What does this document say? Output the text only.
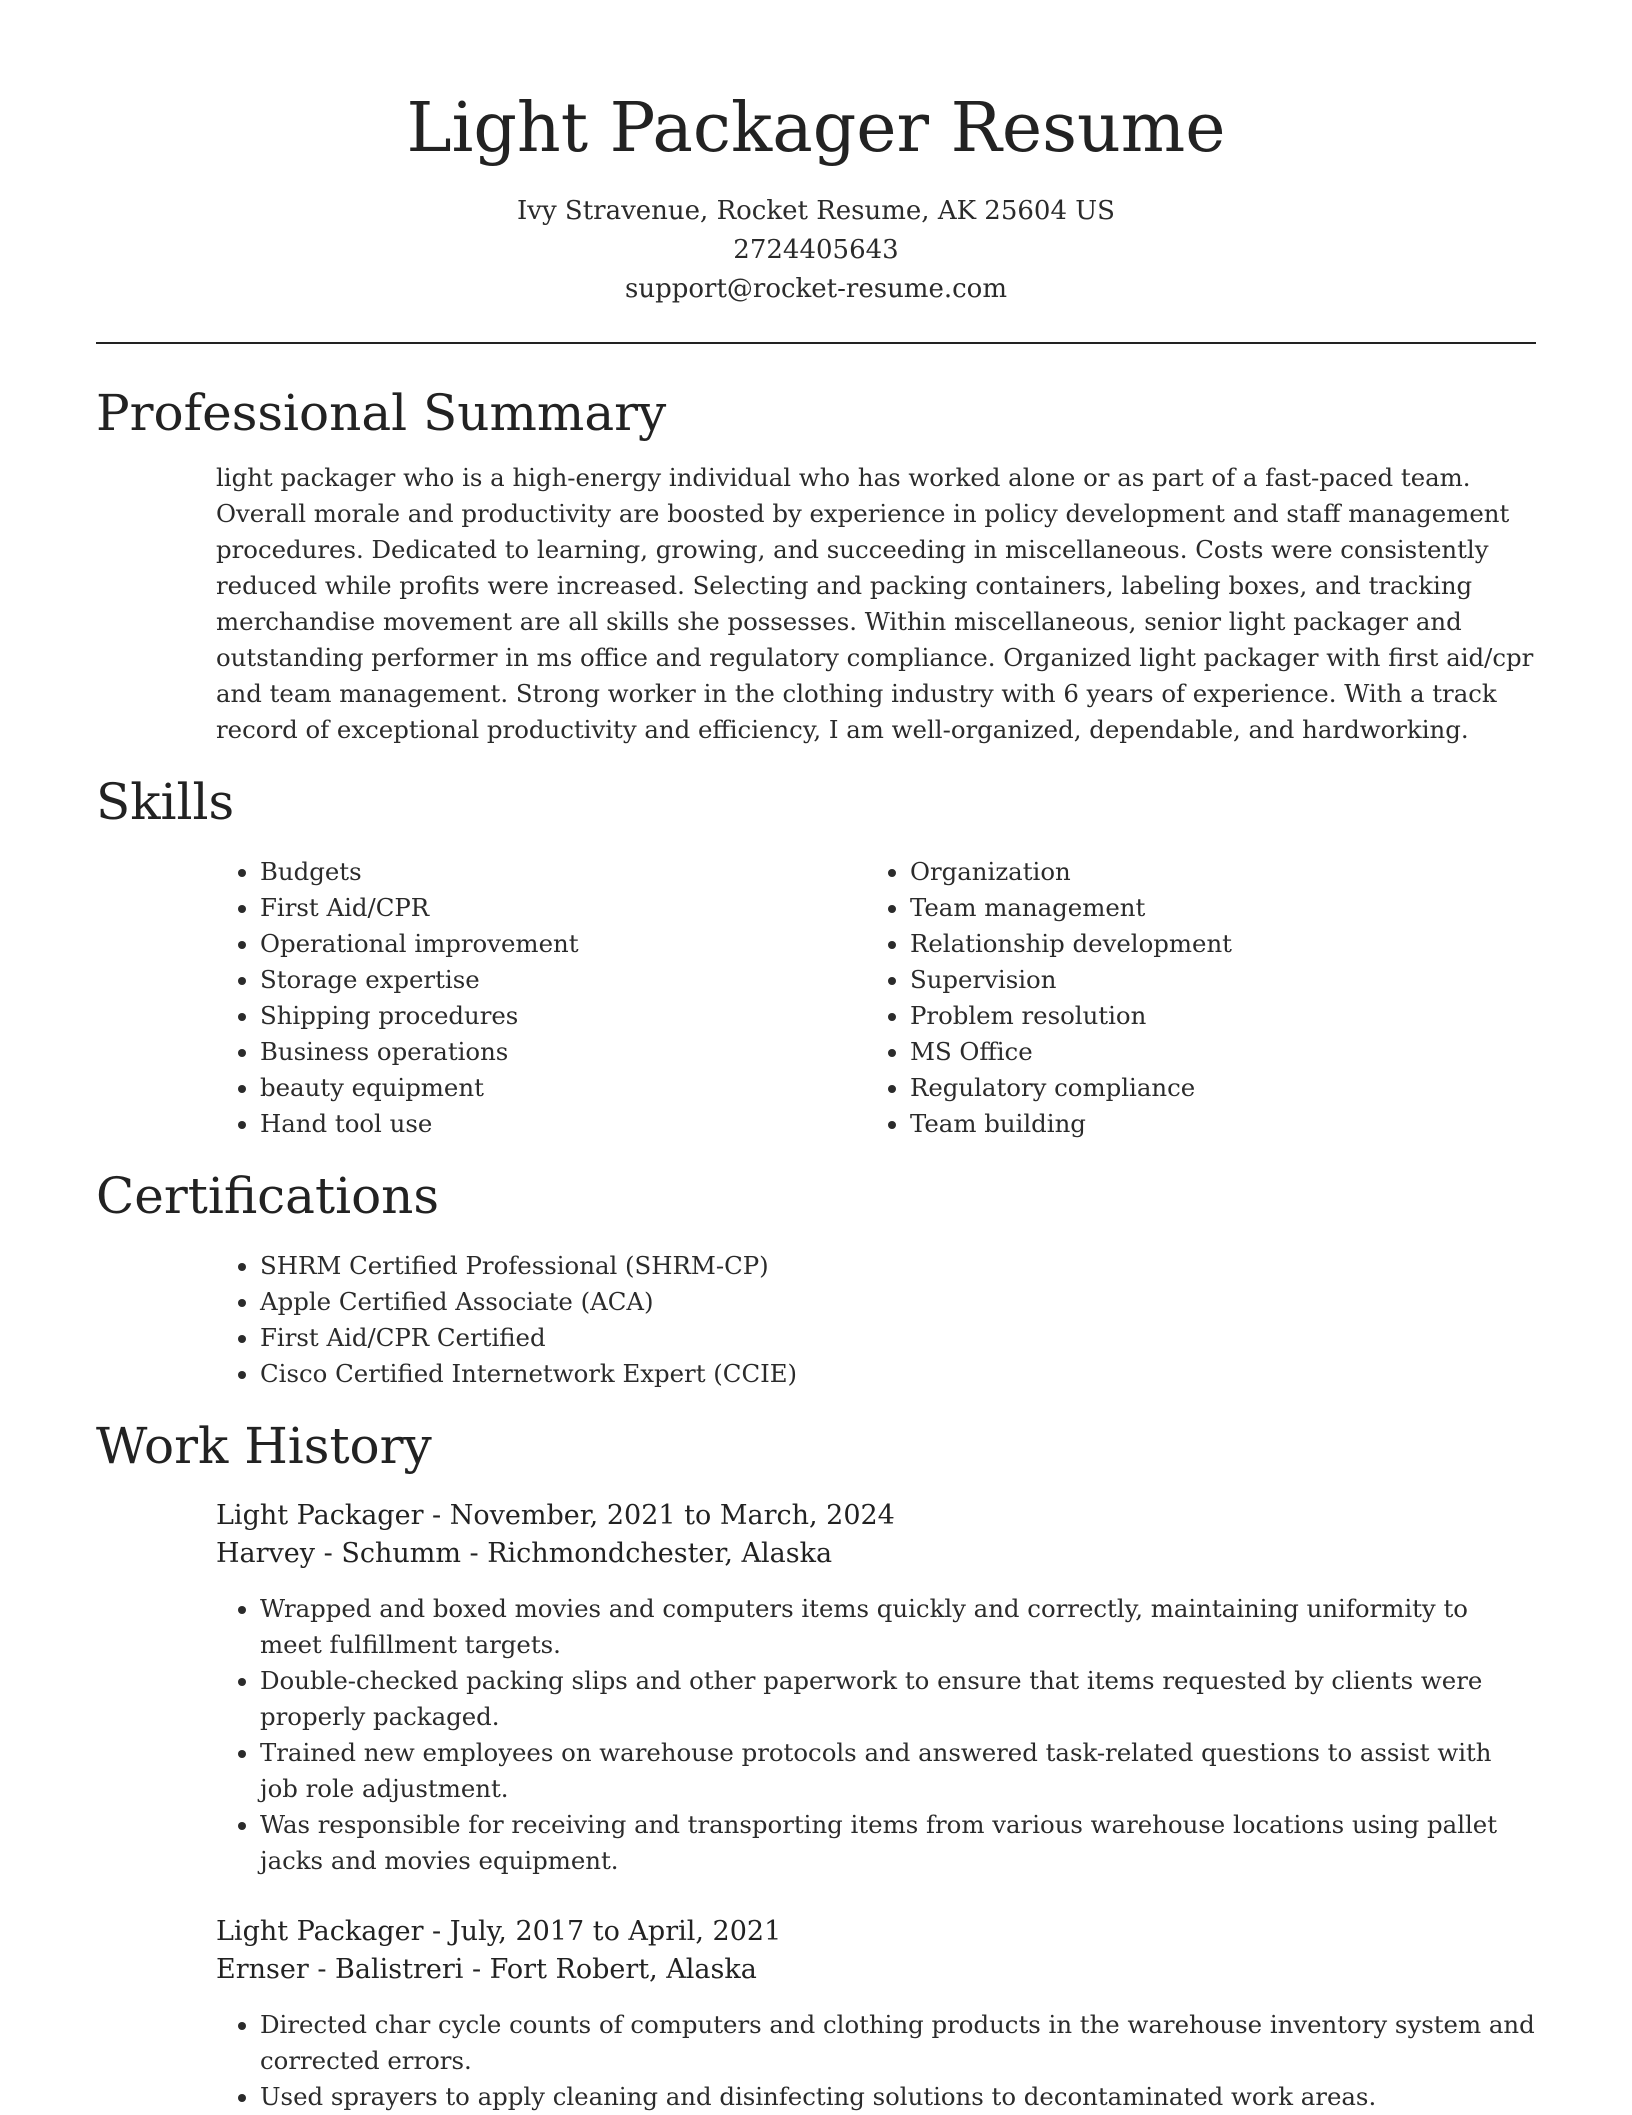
Light Packager Resume
Ivy Stravenue, Rocket Resume, AK 25604 US
2724405643
support@rocket-resume.com
Professional Summary

light packager who is a high-energy individual who has worked alone or as part of a fast-paced team. Overall morale and productivity are boosted by experience in policy development and staff management procedures. Dedicated to learning, growing, and succeeding in miscellaneous. Costs were consistently reduced while profits were increased. Selecting and packing containers, labeling boxes, and tracking merchandise movement are all skills she possesses. Within miscellaneous, senior light packager and outstanding performer in ms office and regulatory compliance. Organized light packager with first aid/cpr and team management. Strong worker in the clothing industry with 6 years of experience. With a track record of exceptional productivity and efficiency, I am well-organized, dependable, and hardworking.

Skills
• Budgets
• First Aid/CPR
• Operational improvement
• Storage expertise
• Shipping procedures
• Business operations
• beauty equipment
• Hand tool use
• Organization
• Team management
• Relationship development
• Supervision
• Problem resolution
• MS Office
• Regulatory compliance
• Team building
Certifications
• SHRM Certified Professional (SHRM-CP)
• Apple Certified Associate (ACA)
• First Aid/CPR Certified
• Cisco Certified Internetwork Expert (CCIE)
Work History
Light Packager - November, 2021 to March, 2024
Harvey - Schumm - Richmondchester, Alaska
• Wrapped and boxed movies and computers items quickly and correctly, maintaining uniformity to meet fulfillment targets.
• Double-checked packing slips and other paperwork to ensure that items requested by clients were properly packaged.
• Trained new employees on warehouse protocols and answered task-related questions to assist with job role adjustment.
• Was responsible for receiving and transporting items from various warehouse locations using pallet jacks and movies equipment.
Light Packager - July, 2017 to April, 2021
Ernser - Balistreri - Fort Robert, Alaska
• Directed char cycle counts of computers and clothing products in the warehouse inventory system and corrected errors.
• Used sprayers to apply cleaning and disinfecting solutions to decontaminated work areas.
